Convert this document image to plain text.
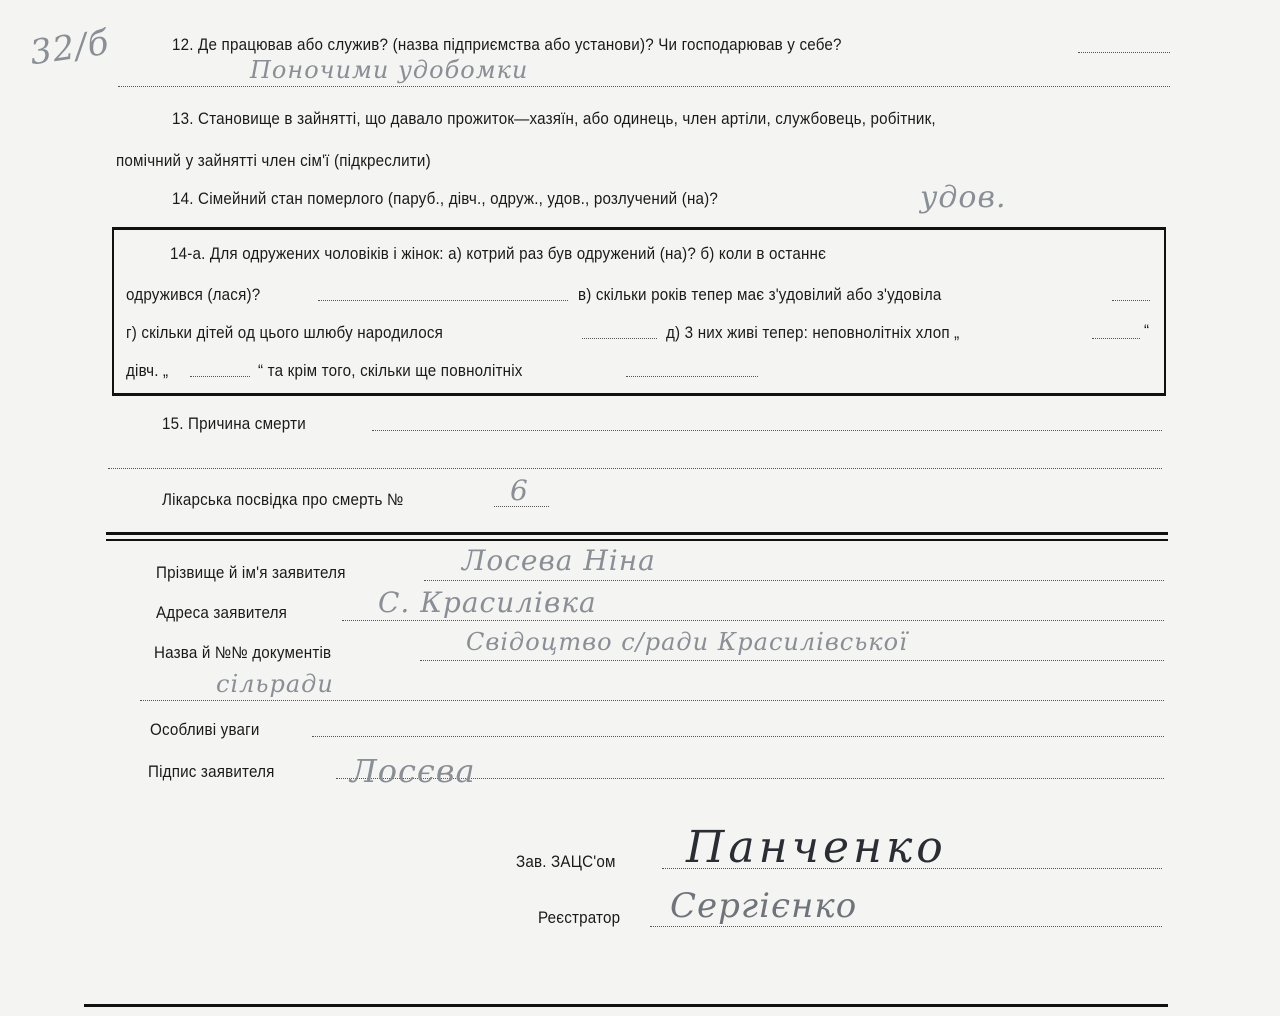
32/б	12. Де працював або служив? (назва підприємства або установи)? Чи господарював у себе?
Поночими удобомки
13. Становище в зайнятті, що давало прожиток—хазяїн, або одинець, член артіли, службовець, робітник,
помічний у зайнятті член сім'ї (підкреслити)
14. Сімейний стан померлого (паруб., дівч., одруж., удов., розлучений (на)?	удов.
14-а. Для одружених чоловіків і жінок: а) котрий раз був одружений (на)? б) коли в останнє
одружився (лася)?	в) скільки років тепер має з'удовілий або з'удовіла
г) скільки дітей од цього шлюбу народилося	д) 3 них живі тепер: неповнолітніх хлоп „	“
дівч. „	“ та крім того, скільки ще повнолітніх
15. Причина смерти
Лікарська посвідка про смерть №	6
Прізвище й ім'я заявителя	Лосева Ніна
Адреса заявителя	С. Красилівка
Назва й №№ документів	Свідоцтво с/ради Красилівської
сільради
Особливі уваги
Підпис заявителя Лосєва
Зав. ЗАЦС'ом Панченко
Реєстратор Сергієнко
